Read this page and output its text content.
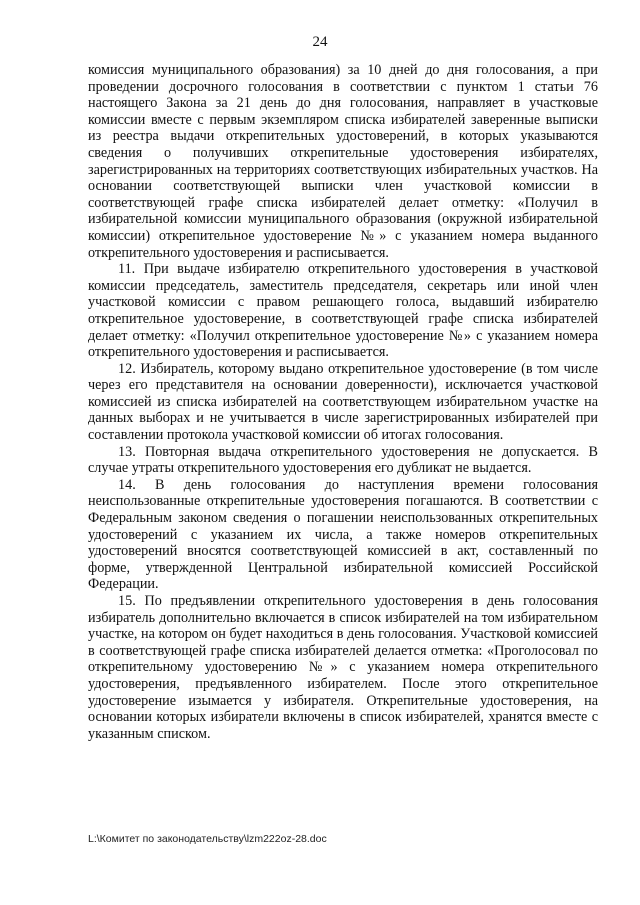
24

комиссия муниципального образования) за 10 дней до дня голосования, а при проведении досрочного голосования в соответствии с пунктом 1 статьи 76 настоящего Закона за 21 день до дня голосования, направляет в участковые комиссии вместе с первым экземпляром списка избирателей заверенные выписки из реестра выдачи открепительных удостоверений, в которых указываются сведения о получивших открепительные удостоверения избирателях, зарегистрированных на территориях соответствующих избирательных участков. На основании соответствующей выписки член участковой комиссии в соответствующей графе списка избирателей делает отметку: «Получил в избирательной комиссии муниципального образования (окружной избирательной комиссии) открепительное удостоверение №» с указанием номера выданного открепительного удостоверения и расписывается.

11. При выдаче избирателю открепительного удостоверения в участковой комиссии председатель, заместитель председателя, секретарь или иной член участковой комиссии с правом решающего голоса, выдавший избирателю открепительное удостоверение, в соответствующей графе списка избирателей делает отметку: «Получил открепительное удостоверение №» с указанием номера открепительного удостоверения и расписывается.

12. Избиратель, которому выдано открепительное удостоверение (в том числе через его представителя на основании доверенности), исключается участковой комиссией из списка избирателей на соответствующем избирательном участке на данных выборах и не учитывается в числе зарегистрированных избирателей при составлении протокола участковой комиссии об итогах голосования.

13. Повторная выдача открепительного удостоверения не допускается. В случае утраты открепительного удостоверения его дубликат не выдается.

14. В день голосования до наступления времени голосования неиспользованные открепительные удостоверения погашаются. В соответствии с Федеральным законом сведения о погашении неиспользованных открепительных удостоверений с указанием их числа, а также номеров открепительных удостоверений вносятся соответствующей комиссией в акт, составленный по форме, утвержденной Центральной избирательной комиссией Российской Федерации.

15. По предъявлении открепительного удостоверения в день голосования избиратель дополнительно включается в список избирателей на том избирательном участке, на котором он будет находиться в день голосования. Участковой комиссией в соответствующей графе списка избирателей делается отметка: «Проголосовал по открепительному удостоверению №» с указанием номера открепительного удостоверения, предъявленного избирателем. После этого открепительное удостоверение изымается у избирателя. Открепительные удостоверения, на основании которых избиратели включены в список избирателей, хранятся вместе с указанным списком.

L:\Комитет по законодательству\lzm222oz-28.doc
